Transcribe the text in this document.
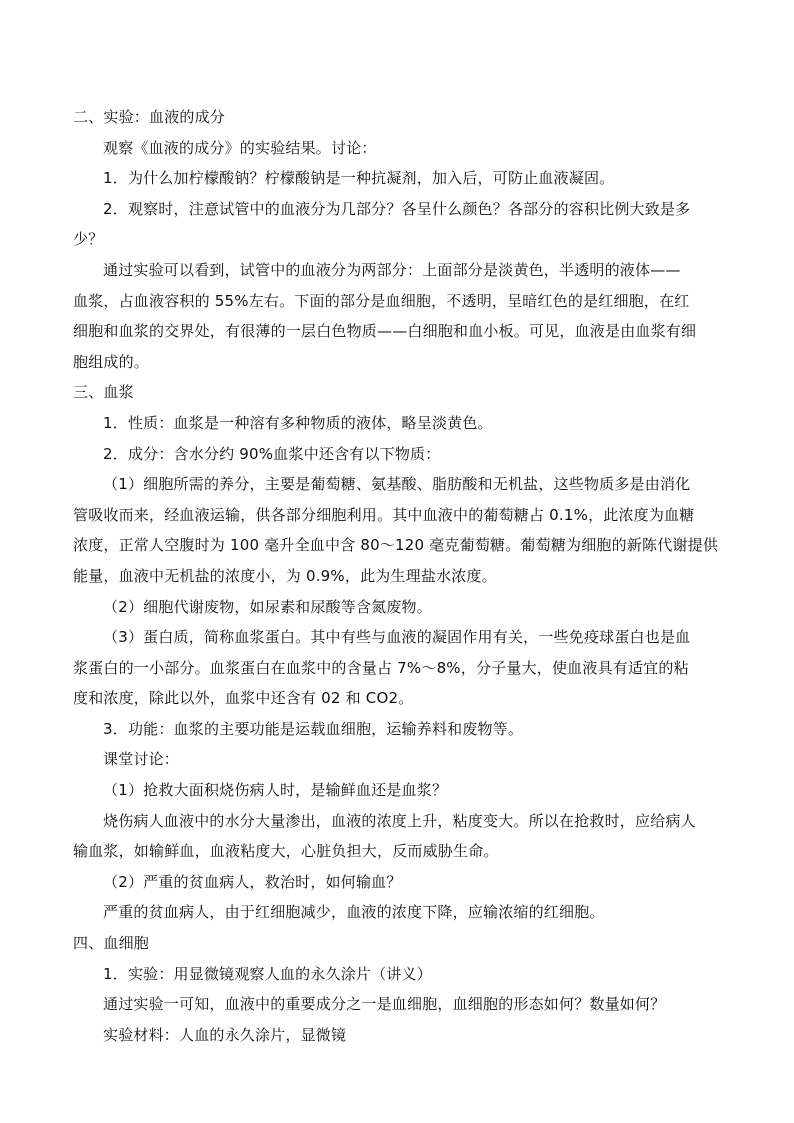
二、实验：血液的成分
观察《血液的成分》的实验结果。讨论：
1．为什么加柠檬酸钠？柠檬酸钠是一种抗凝剂，加入后，可防止血液凝固。
2．观察时，注意试管中的血液分为几部分？各呈什么颜色？各部分的容积比例大致是多
少？
通过实验可以看到，试管中的血液分为两部分：上面部分是淡黄色，半透明的液体——
血浆，占血液容积的 55%左右。下面的部分是血细胞，不透明，呈暗红色的是红细胞，在红
细胞和血浆的交界处，有很薄的一层白色物质——白细胞和血小板。可见，血液是由血浆有细
胞组成的。
三、血浆
1．性质：血浆是一种溶有多种物质的液体，略呈淡黄色。
2．成分：含水分约 90%血浆中还含有以下物质：
（1）细胞所需的养分，主要是葡萄糖、氨基酸、脂肪酸和无机盐，这些物质多是由消化
管吸收而来，经血液运输，供各部分细胞利用。其中血液中的葡萄糖占 0.1%，此浓度为血糖
浓度，正常人空腹时为 100 毫升全血中含 80～120 毫克葡萄糖。葡萄糖为细胞的新陈代谢提供
能量，血液中无机盐的浓度小，为 0.9%，此为生理盐水浓度。
（2）细胞代谢废物，如尿素和尿酸等含氮废物。
（3）蛋白质，简称血浆蛋白。其中有些与血液的凝固作用有关，一些免疫球蛋白也是血
浆蛋白的一小部分。血浆蛋白在血浆中的含量占 7%～8%，分子量大，使血液具有适宜的粘
度和浓度，除此以外，血浆中还含有 02 和 CO2。
3．功能：血浆的主要功能是运载血细胞，运输养料和废物等。
课堂讨论：
（1）抢救大面积烧伤病人时，是输鲜血还是血浆？
烧伤病人血液中的水分大量渗出，血液的浓度上升，粘度变大。所以在抢救时，应给病人
输血浆，如输鲜血，血液粘度大，心脏负担大，反而威胁生命。
（2）严重的贫血病人，救治时，如何输血？
严重的贫血病人，由于红细胞减少，血液的浓度下降，应输浓缩的红细胞。
四、血细胞
1．实验：用显微镜观察人血的永久涂片（讲义）
通过实验一可知，血液中的重要成分之一是血细胞，血细胞的形态如何？数量如何？
实验材料：人血的永久涂片，显微镜
